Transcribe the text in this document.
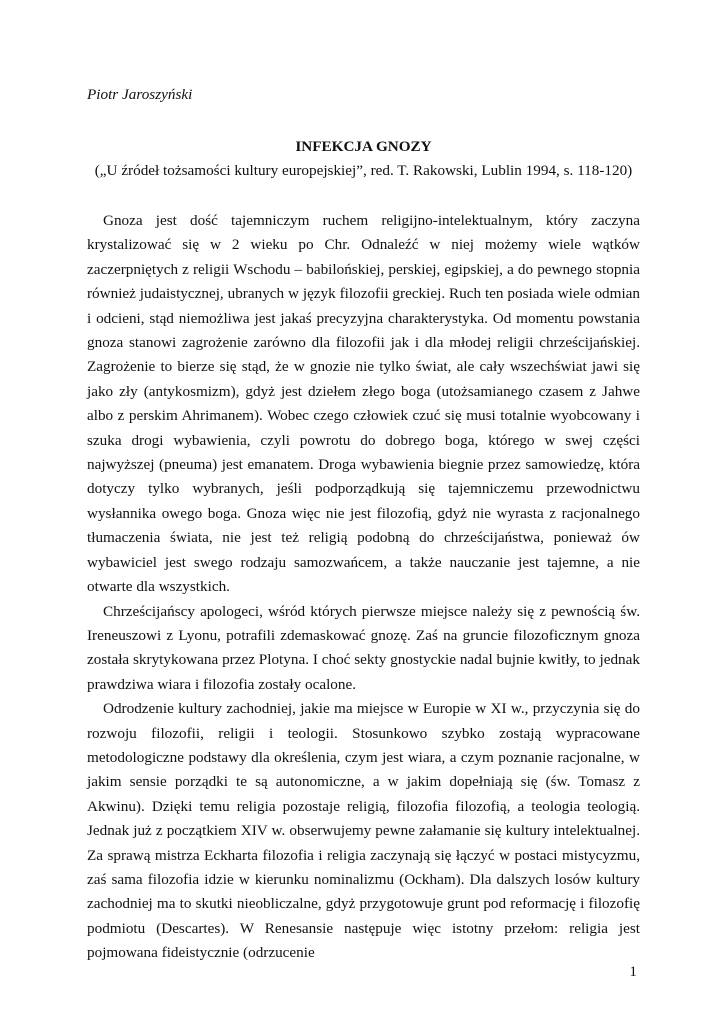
Piotr Jaroszyński

INFEKCJA GNOZY

(„U źródeł tożsamości kultury europejskiej”, red. T. Rakowski, Lublin 1994, s. 118-120)

Gnoza jest dość tajemniczym ruchem religijno-intelektualnym, który zaczyna krystalizować się w 2 wieku po Chr. Odnaleźć w niej możemy wiele wątków zaczerpniętych z religii Wschodu – babilońskiej, perskiej, egipskiej, a do pewnego stopnia również judaistycznej, ubranych w język filozofii greckiej. Ruch ten posiada wiele odmian i odcieni, stąd niemożliwa jest jakaś precyzyjna charakterystyka. Od momentu powstania gnoza stanowi zagrożenie zarówno dla filozofii jak i dla młodej religii chrześcijańskiej. Zagrożenie to bierze się stąd, że w gnozie nie tylko świat, ale cały wszechświat jawi się jako zły (antykosmizm), gdyż jest dziełem złego boga (utożsamianego czasem z Jahwe albo z perskim Ahrimanem). Wobec czego człowiek czuć się musi totalnie wyobcowany i szuka drogi wybawienia, czyli powrotu do dobrego boga, którego w swej części najwyższej (pneuma) jest emanatem. Droga wybawienia biegnie przez samowiedzę, która dotyczy tylko wybranych, jeśli podporządkują się tajemniczemu przewodnictwu wysłannika owego boga. Gnoza więc nie jest filozofią, gdyż nie wyrasta z racjonalnego tłumaczenia świata, nie jest też religią podobną do chrześcijaństwa, ponieważ ów wybawiciel jest swego rodzaju samozwańcem, a także nauczanie jest tajemne, a nie otwarte dla wszystkich.

Chrześcijańscy apologeci, wśród których pierwsze miejsce należy się z pewnością św. Ireneuszowi z Lyonu, potrafili zdemaskować gnozę. Zaś na gruncie filozoficznym gnoza została skrytykowana przez Plotyna. I choć sekty gnostyckie nadal bujnie kwitły, to jednak prawdziwa wiara i filozofia zostały ocalone.

Odrodzenie kultury zachodniej, jakie ma miejsce w Europie w XI w., przyczynia się do rozwoju filozofii, religii i teologii. Stosunkowo szybko zostają wypracowane metodologiczne podstawy dla określenia, czym jest wiara, a czym poznanie racjonalne, w jakim sensie porządki te są autonomiczne, a w jakim dopełniają się (św. Tomasz z Akwinu). Dzięki temu religia pozostaje religią, filozofia filozofią, a teologia teologią. Jednak już z początkiem XIV w. obserwujemy pewne załamanie się kultury intelektualnej. Za sprawą mistrza Eckharta filozofia i religia zaczynają się łączyć w postaci mistycyzmu, zaś sama filozofia idzie w kierunku nominalizmu (Ockham). Dla dalszych losów kultury zachodniej ma to skutki nieobliczalne, gdyż przygotowuje grunt pod reformację i filozofię podmiotu (Descartes). W Renesansie następuje więc istotny przełom: religia jest pojmowana fideistycznie (odrzucenie

1
